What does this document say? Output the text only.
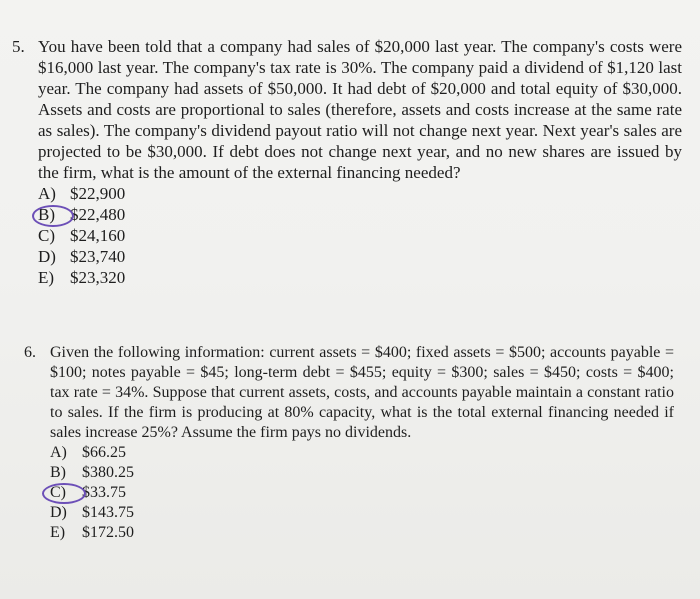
5. You have been told that a company had sales of $20,000 last year. The company's costs were $16,000 last year. The company's tax rate is 30%. The company paid a dividend of $1,120 last year. The company had assets of $50,000. It had debt of $20,000 and total equity of $30,000. Assets and costs are proportional to sales (therefore, assets and costs increase at the same rate as sales). The company's dividend payout ratio will not change next year. Next year's sales are projected to be $30,000. If debt does not change next year, and no new shares are issued by the firm, what is the amount of the external financing needed?
A) $22,900
B) $22,480
C) $24,160
D) $23,740
E) $23,320
6. Given the following information: current assets = $400; fixed assets = $500; accounts payable = $100; notes payable = $45; long-term debt = $455; equity = $300; sales = $450; costs = $400; tax rate = 34%. Suppose that current assets, costs, and accounts payable maintain a constant ratio to sales. If the firm is producing at 80% capacity, what is the total external financing needed if sales increase 25%? Assume the firm pays no dividends.
A) $66.25
B)	$380.25
C)	$33.75
D) $143.75
E)	$172.50
